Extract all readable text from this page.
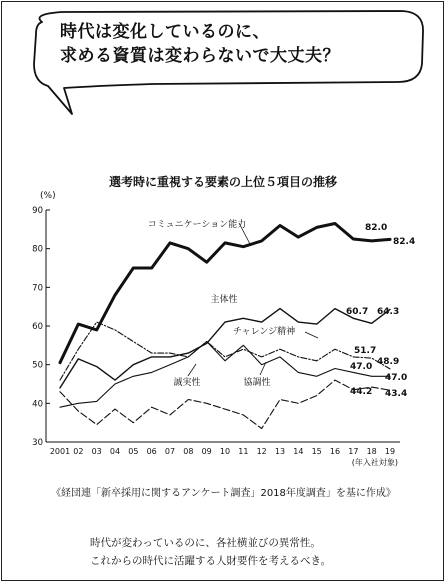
時代は変化しているのに、
求める資質は変わらないで大丈夫？
選考時に重視する要素の上位５項目の推移
(%)
30
40
50
60
70
80
90
2001 02 03 04 05 06 07 08 09 10 11 12 13 14 15 16 17 18 19
(年入社対象)
コミュニケーション能力	82.0
82.4
主体性
60.7 64.3
チャレンジ精神
51.7
48.9
協調性
47.0
47.0
誠実性
44.2 43.4
《経団連「新卒採用に関するアンケート調査」2018年度調査」を基に作成》
時代が変わっているのに、各社横並びの異常性。
これからの時代に活躍する人財要件を考えるべき。
